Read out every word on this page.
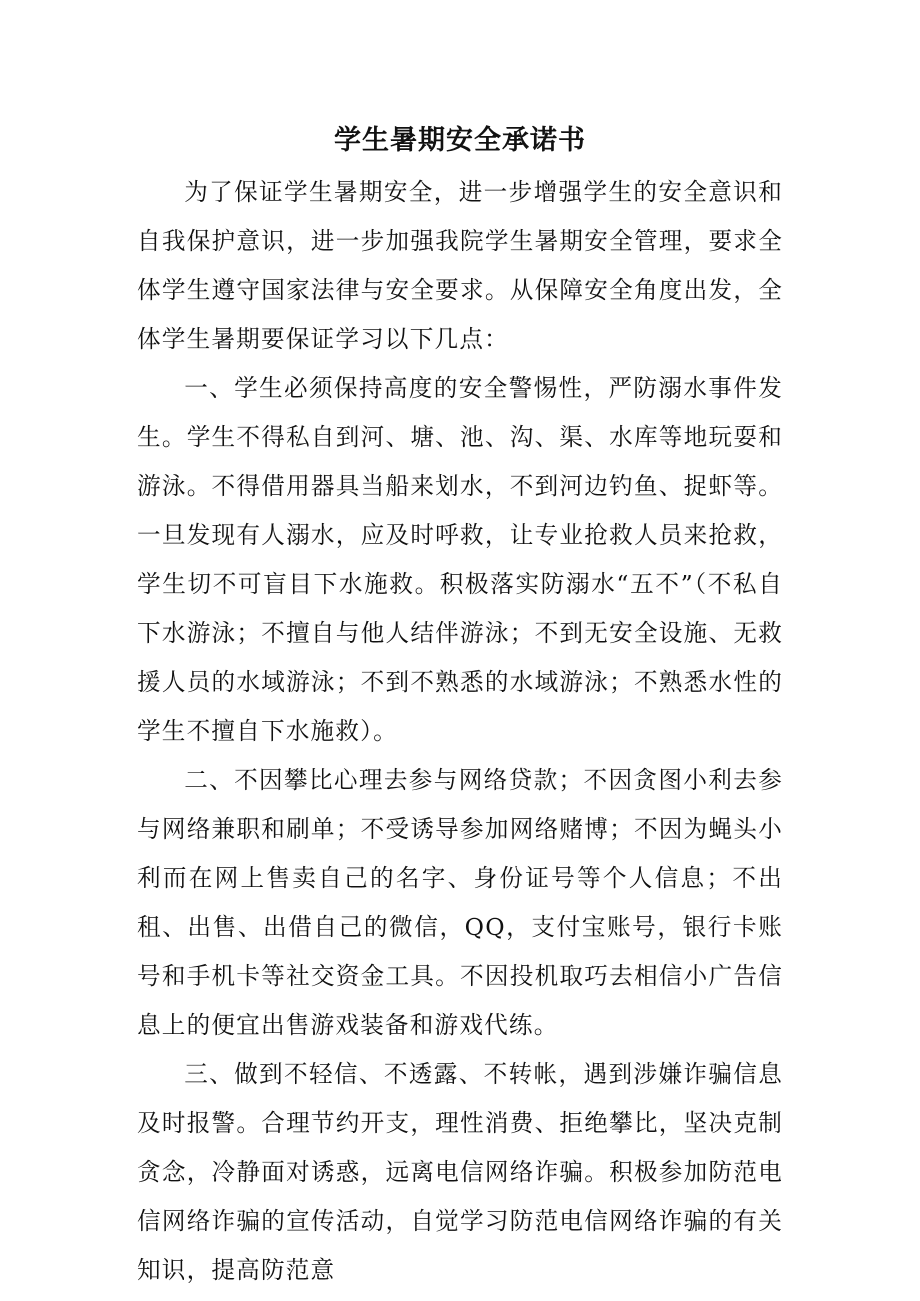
学生暑期安全承诺书

为了保证学生暑期安全，进一步增强学生的安全意识和自我保护意识，进一步加强我院学生暑期安全管理，要求全体学生遵守国家法律与安全要求。从保障安全角度出发，全体学生暑期要保证学习以下几点：

一、学生必须保持高度的安全警惕性，严防溺水事件发生。学生不得私自到河、塘、池、沟、渠、水库等地玩耍和游泳。不得借用器具当船来划水，不到河边钓鱼、捉虾等。一旦发现有人溺水，应及时呼救，让专业抢救人员来抢救，学生切不可盲目下水施救。积极落实防溺水“五不”（不私自下水游泳；不擅自与他人结伴游泳；不到无安全设施、无救援人员的水域游泳；不到不熟悉的水域游泳；不熟悉水性的学生不擅自下水施救）。

二、不因攀比心理去参与网络贷款；不因贪图小利去参与网络兼职和刷单；不受诱导参加网络赌博；不因为蝇头小利而在网上售卖自己的名字、身份证号等个人信息；不出租、出售、出借自己的微信，QQ，支付宝账号，银行卡账号和手机卡等社交资金工具。不因投机取巧去相信小广告信息上的便宜出售游戏装备和游戏代练。

三、做到不轻信、不透露、不转帐，遇到涉嫌诈骗信息及时报警。合理节约开支，理性消费、拒绝攀比，坚决克制贪念，冷静面对诱惑，远离电信网络诈骗。积极参加防范电信网络诈骗的宣传活动，自觉学习防范电信网络诈骗的有关知识，提高防范意
